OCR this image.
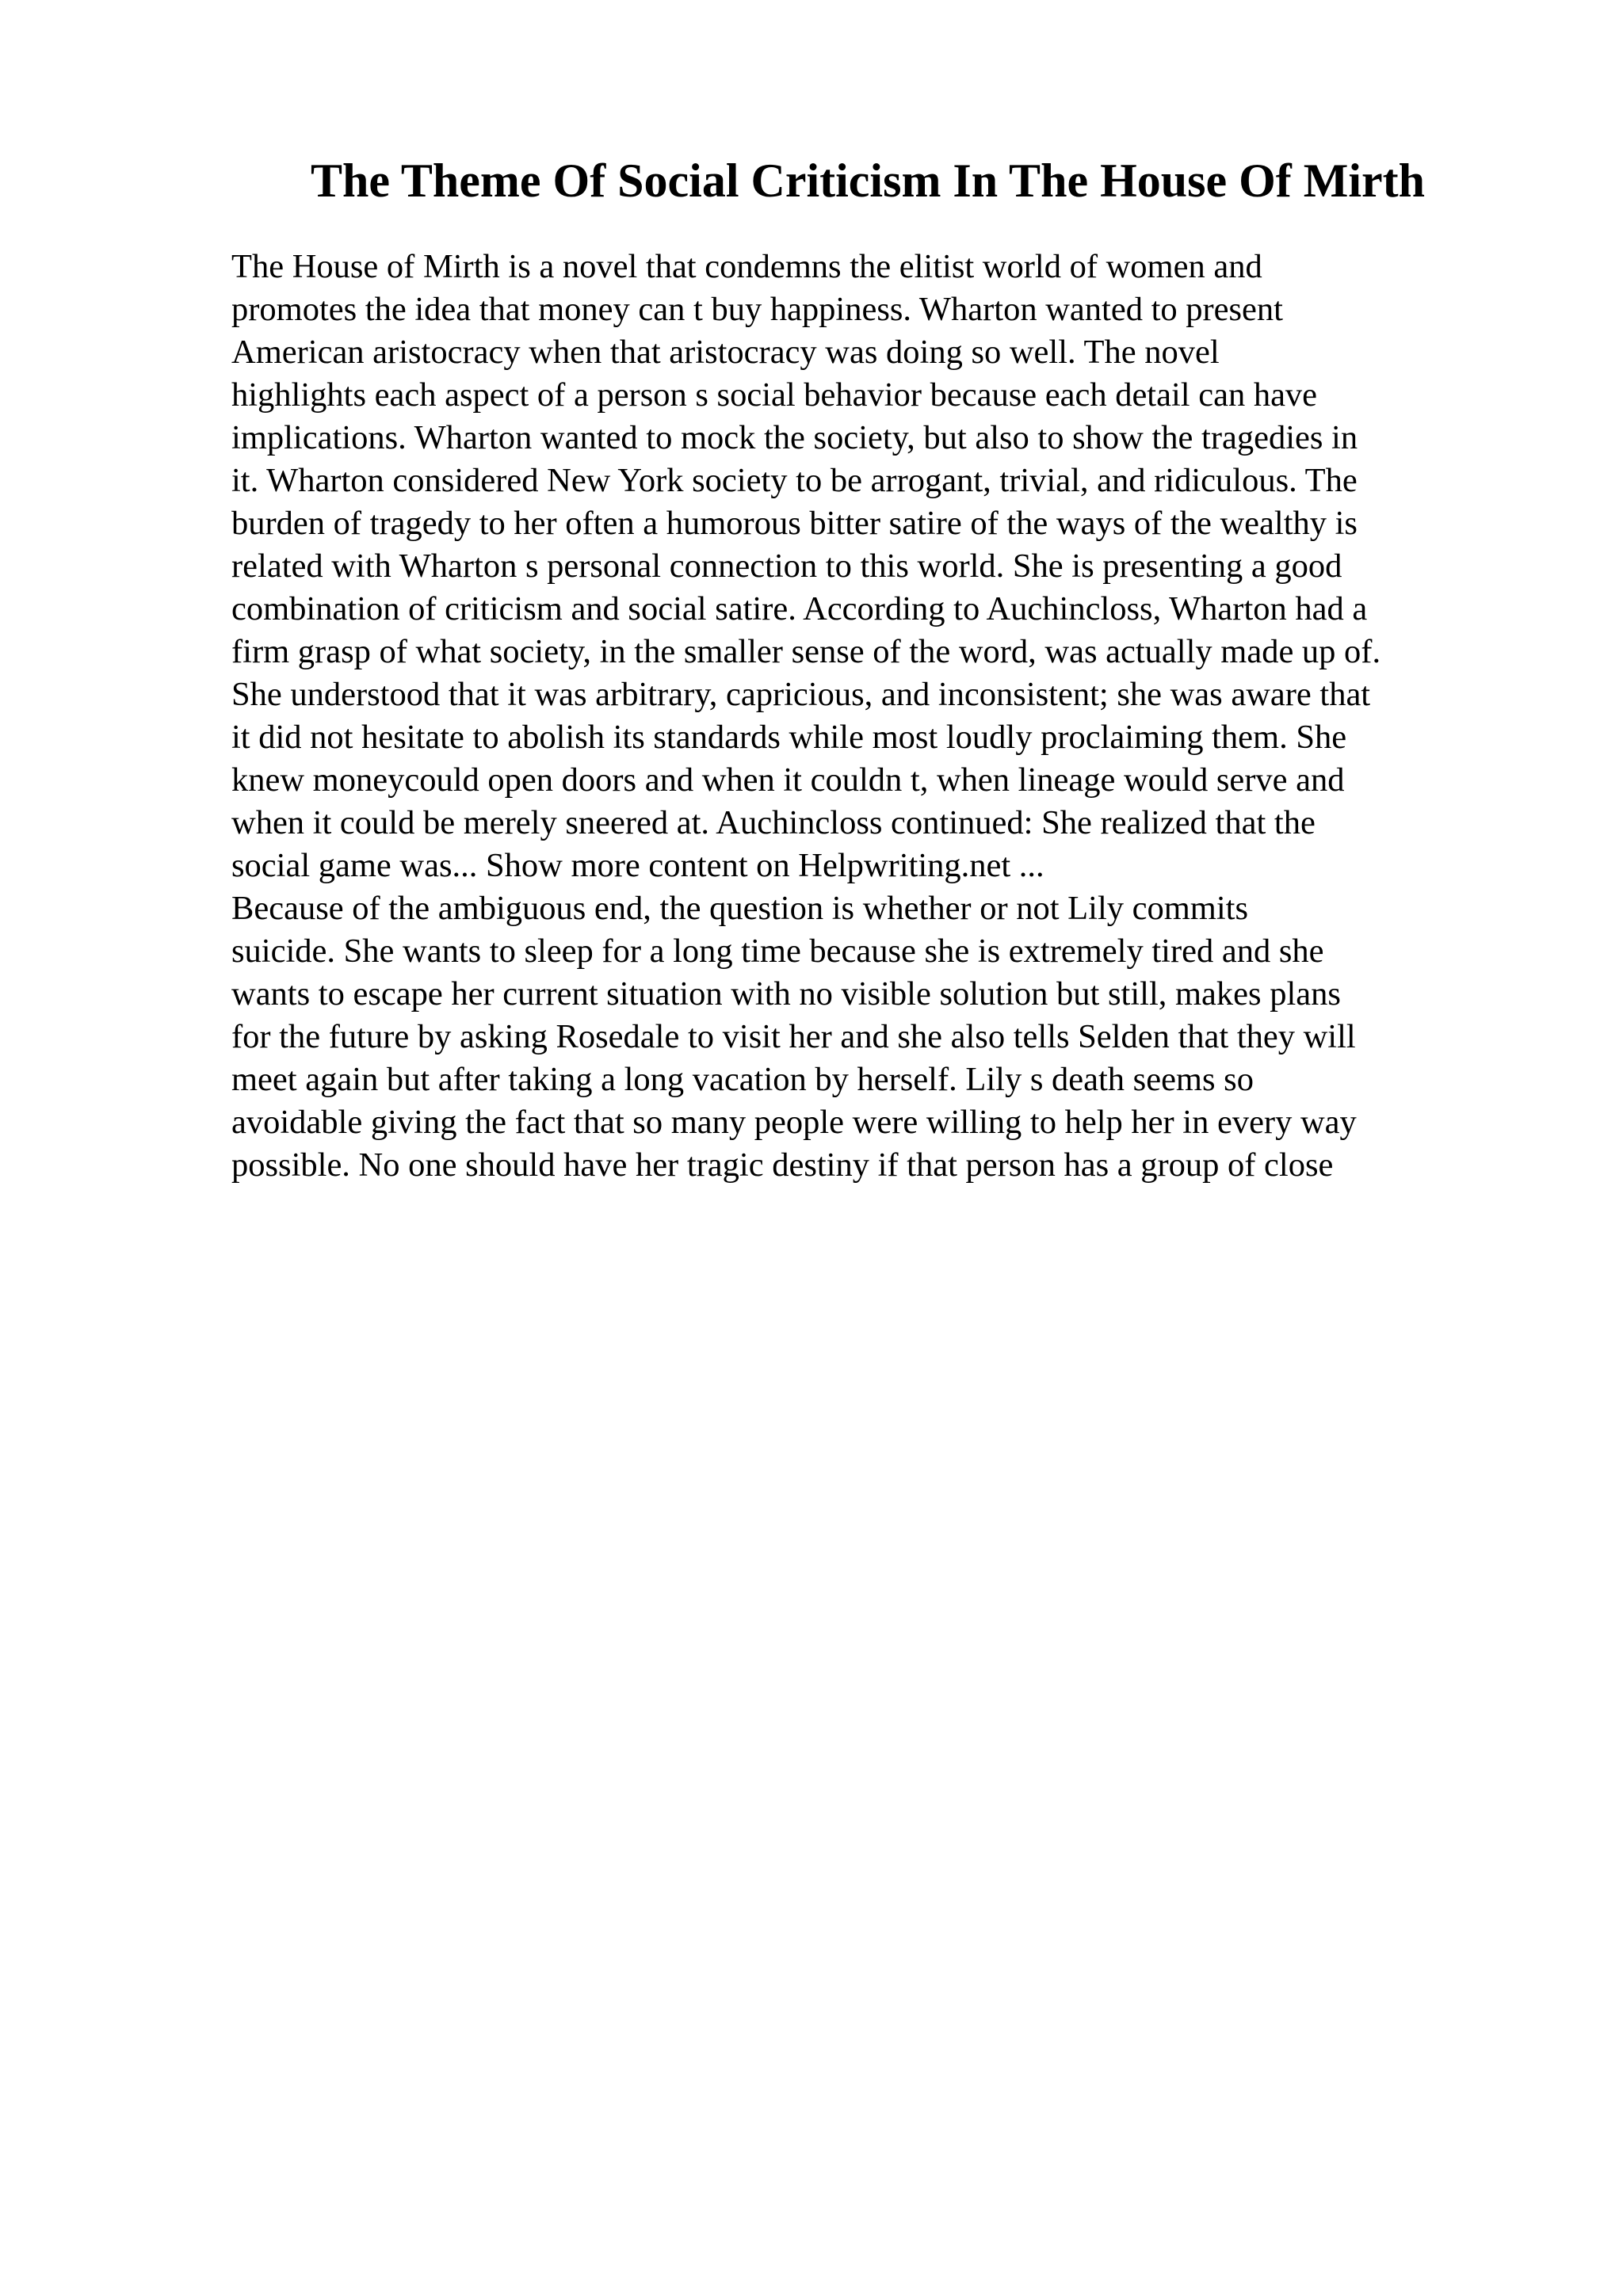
The Theme Of Social Criticism In The House Of Mirth
The House of Mirth is a novel that condemns the elitist world of women and
promotes the idea that money can t buy happiness. Wharton wanted to present
American aristocracy when that aristocracy was doing so well. The novel
highlights each aspect of a person s social behavior because each detail can have
implications. Wharton wanted to mock the society, but also to show the tragedies in
it. Wharton considered New York society to be arrogant, trivial, and ridiculous. The
burden of tragedy to her often a humorous bitter satire of the ways of the wealthy is
related with Wharton s personal connection to this world. She is presenting a good
combination of criticism and social satire. According to Auchincloss, Wharton had a
firm grasp of what society, in the smaller sense of the word, was actually made up of.
She understood that it was arbitrary, capricious, and inconsistent; she was aware that
it did not hesitate to abolish its standards while most loudly proclaiming them. She
knew moneycould open doors and when it couldn t, when lineage would serve and
when it could be merely sneered at. Auchincloss continued: She realized that the
social game was... Show more content on Helpwriting.net ...
Because of the ambiguous end, the question is whether or not Lily commits
suicide. She wants to sleep for a long time because she is extremely tired and she
wants to escape her current situation with no visible solution but still, makes plans
for the future by asking Rosedale to visit her and she also tells Selden that they will
meet again but after taking a long vacation by herself. Lily s death seems so
avoidable giving the fact that so many people were willing to help her in every way
possible. No one should have her tragic destiny if that person has a group of close
